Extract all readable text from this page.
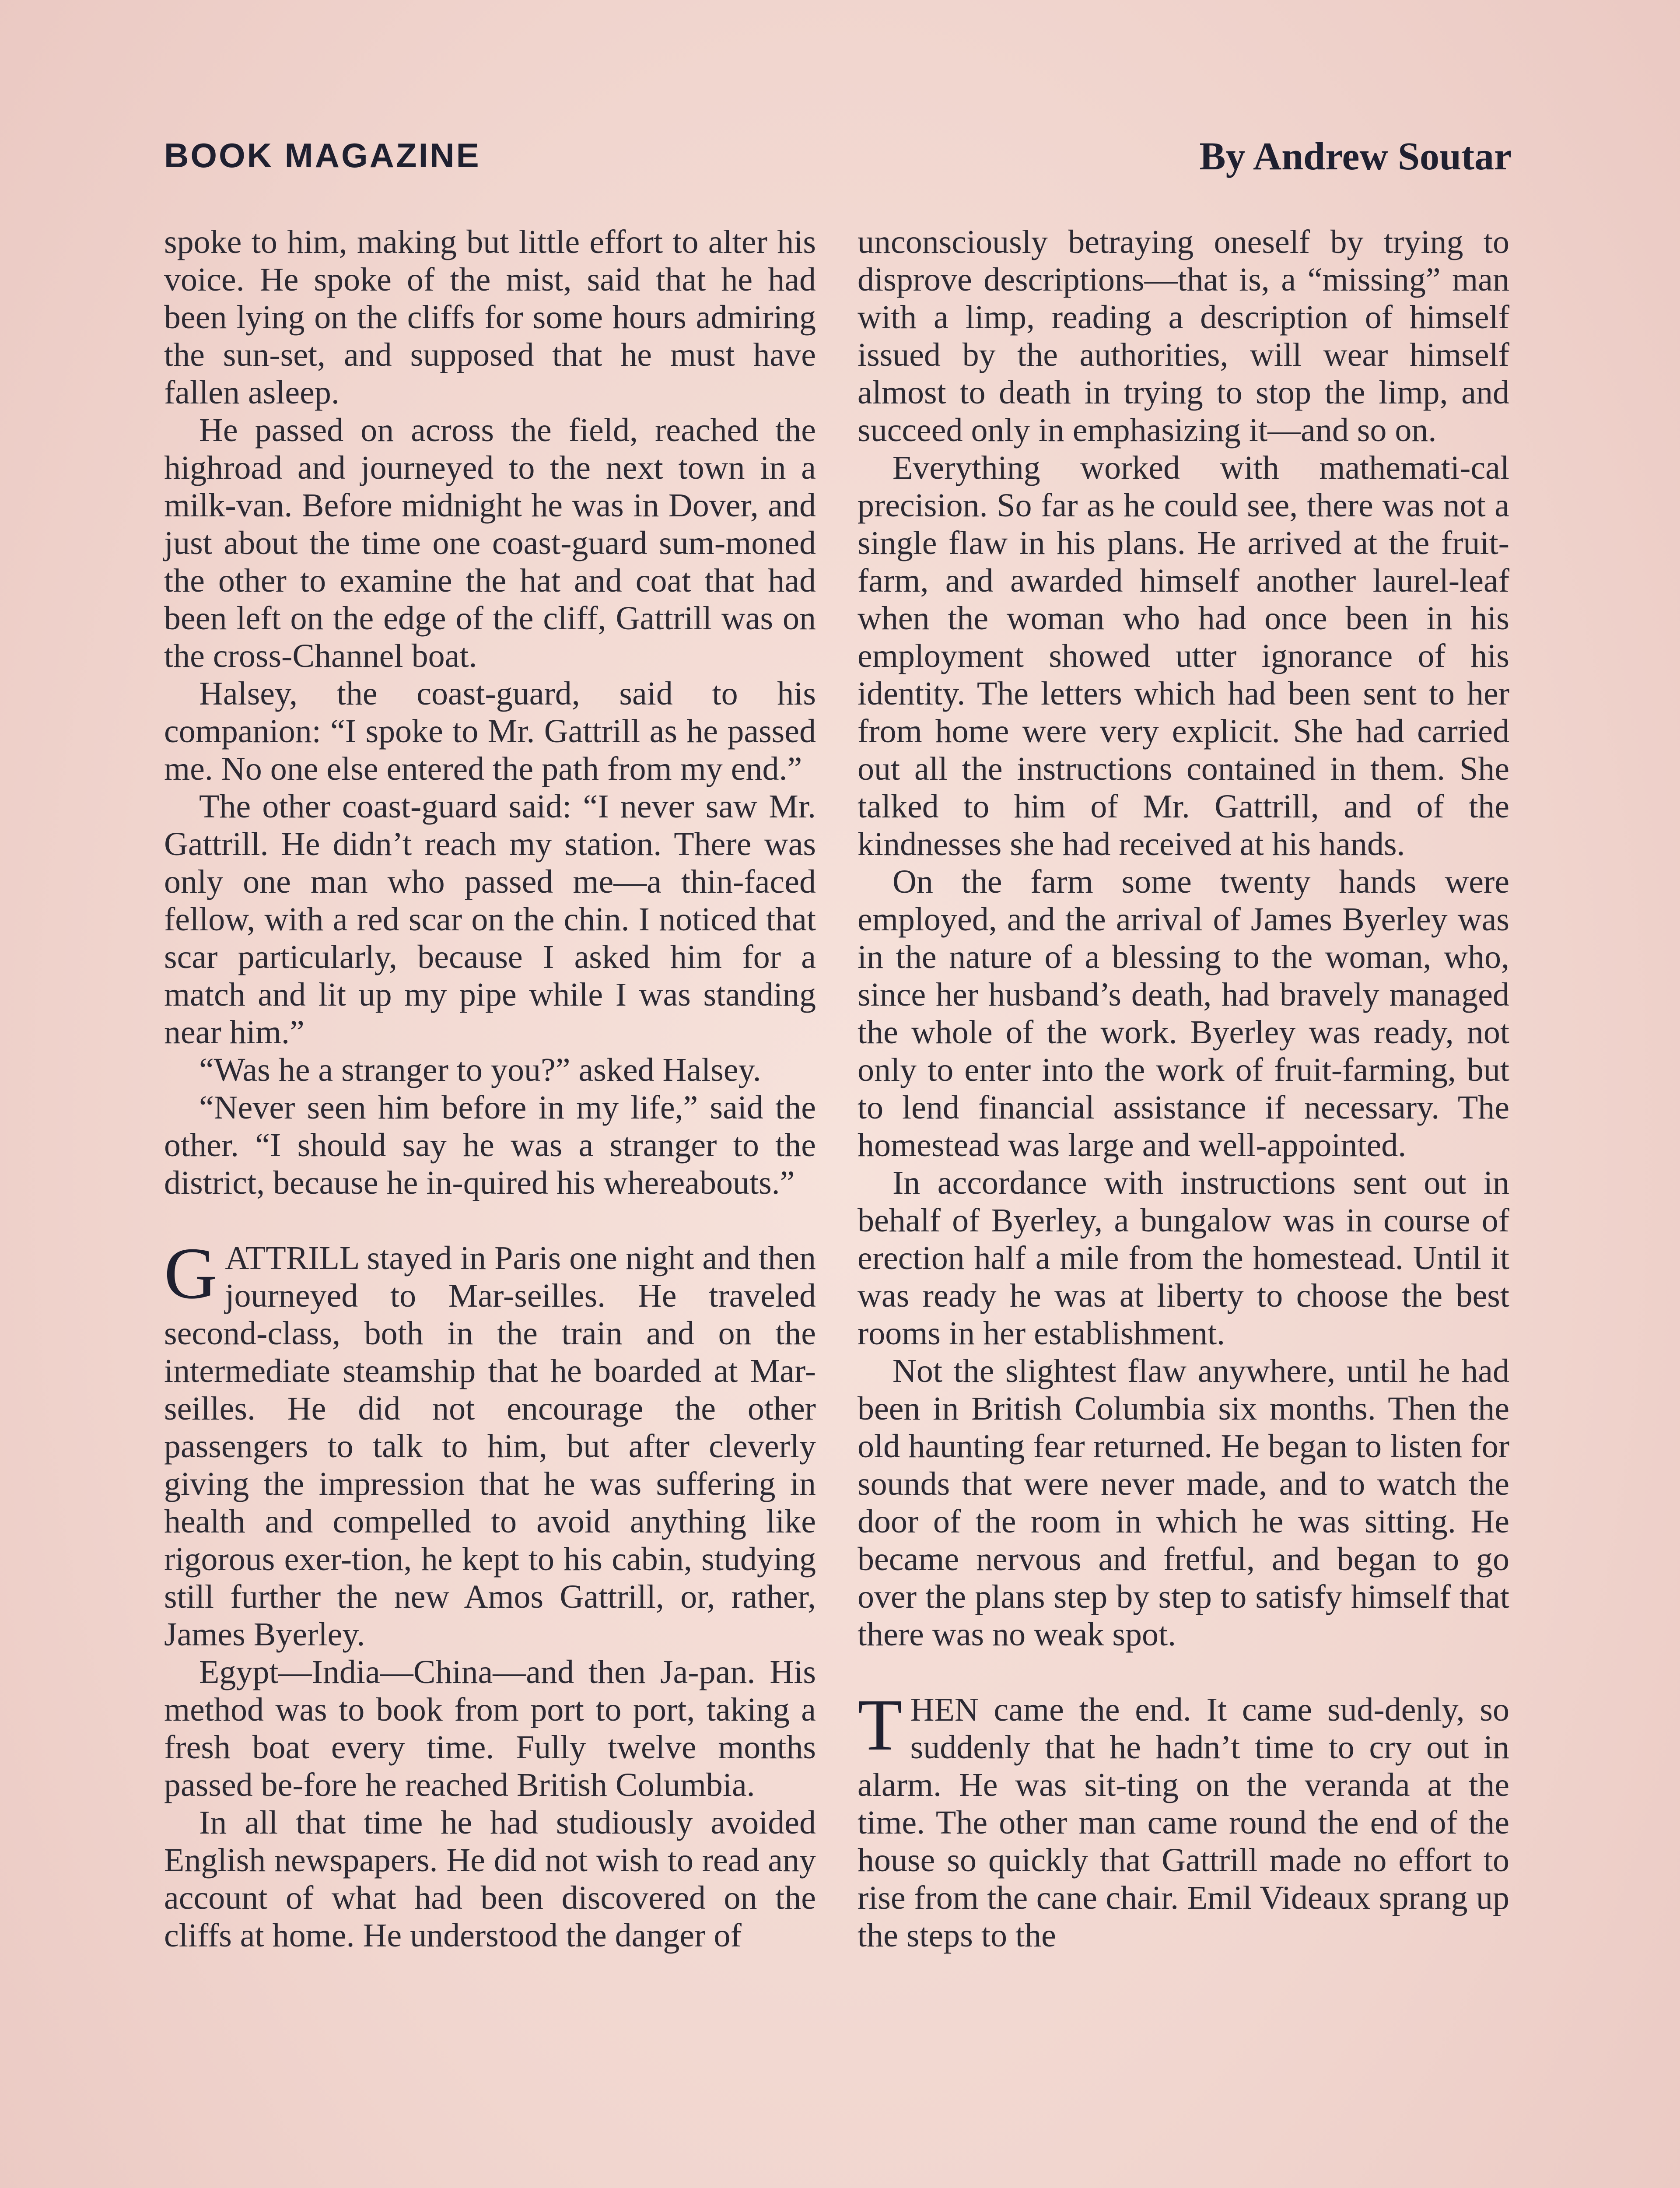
BOOK MAGAZINE	By Andrew Soutar

spoke to him, making but little effort to alter his voice. He spoke of the mist, said that he had been lying on the cliffs for some hours admiring the sun-set, and supposed that he must have fallen asleep.

He passed on across the field, reached the highroad and journeyed to the next town in a milk-van. Before midnight he was in Dover, and just about the time one coast-guard sum-moned the other to examine the hat and coat that had been left on the edge of the cliff, Gattrill was on the cross-Channel boat.

Halsey, the coast-guard, said to his companion: “I spoke to Mr. Gattrill as he passed me. No one else entered the path from my end.”

The other coast-guard said: “I never saw Mr. Gattrill. He didn’t reach my station. There was only one man who passed me—a thin-faced fellow, with a red scar on the chin. I noticed that scar particularly, because I asked him for a match and lit up my pipe while I was standing near him.”

“Was he a stranger to you?” asked Halsey.

“Never seen him before in my life,” said the other. “I should say he was a stranger to the district, because he in-quired his whereabouts.”

GATTRILL stayed in Paris one night and then journeyed to Mar-seilles. He traveled second-class, both in the train and on the intermediate steamship that he boarded at Mar-seilles. He did not encourage the other passengers to talk to him, but after cleverly giving the impression that he was suffering in health and compelled to avoid anything like rigorous exer-tion, he kept to his cabin, studying still further the new Amos Gattrill, or, rather, James Byerley.

Egypt—India—China—and then Ja-pan. His method was to book from port to port, taking a fresh boat every time. Fully twelve months passed be-fore he reached British Columbia.

In all that time he had studiously avoided English newspapers. He did not wish to read any account of what had been discovered on the cliffs at home. He understood the danger of

unconsciously betraying oneself by trying to disprove descriptions—that is, a “missing” man with a limp, reading a description of himself issued by the authorities, will wear himself almost to death in trying to stop the limp, and succeed only in emphasizing it—and so on.

Everything worked with mathemati-cal precision. So far as he could see, there was not a single flaw in his plans. He arrived at the fruit-farm, and awarded himself another laurel-leaf when the woman who had once been in his employment showed utter ignorance of his identity. The letters which had been sent to her from home were very explicit. She had carried out all the instructions contained in them. She talked to him of Mr. Gattrill, and of the kindnesses she had received at his hands.

On the farm some twenty hands were employed, and the arrival of James Byerley was in the nature of a blessing to the woman, who, since her husband’s death, had bravely managed the whole of the work. Byerley was ready, not only to enter into the work of fruit-farming, but to lend financial assistance if necessary. The homestead was large and well-appointed.

In accordance with instructions sent out in behalf of Byerley, a bungalow was in course of erection half a mile from the homestead. Until it was ready he was at liberty to choose the best rooms in her establishment.

Not the slightest flaw anywhere, until he had been in British Columbia six months. Then the old haunting fear returned. He began to listen for sounds that were never made, and to watch the door of the room in which he was sitting. He became nervous and fretful, and began to go over the plans step by step to satisfy himself that there was no weak spot.

THEN came the end. It came sud-denly, so suddenly that he hadn’t time to cry out in alarm. He was sit-ting on the veranda at the time. The other man came round the end of the house so quickly that Gattrill made no effort to rise from the cane chair. Emil Videaux sprang up the steps to the
